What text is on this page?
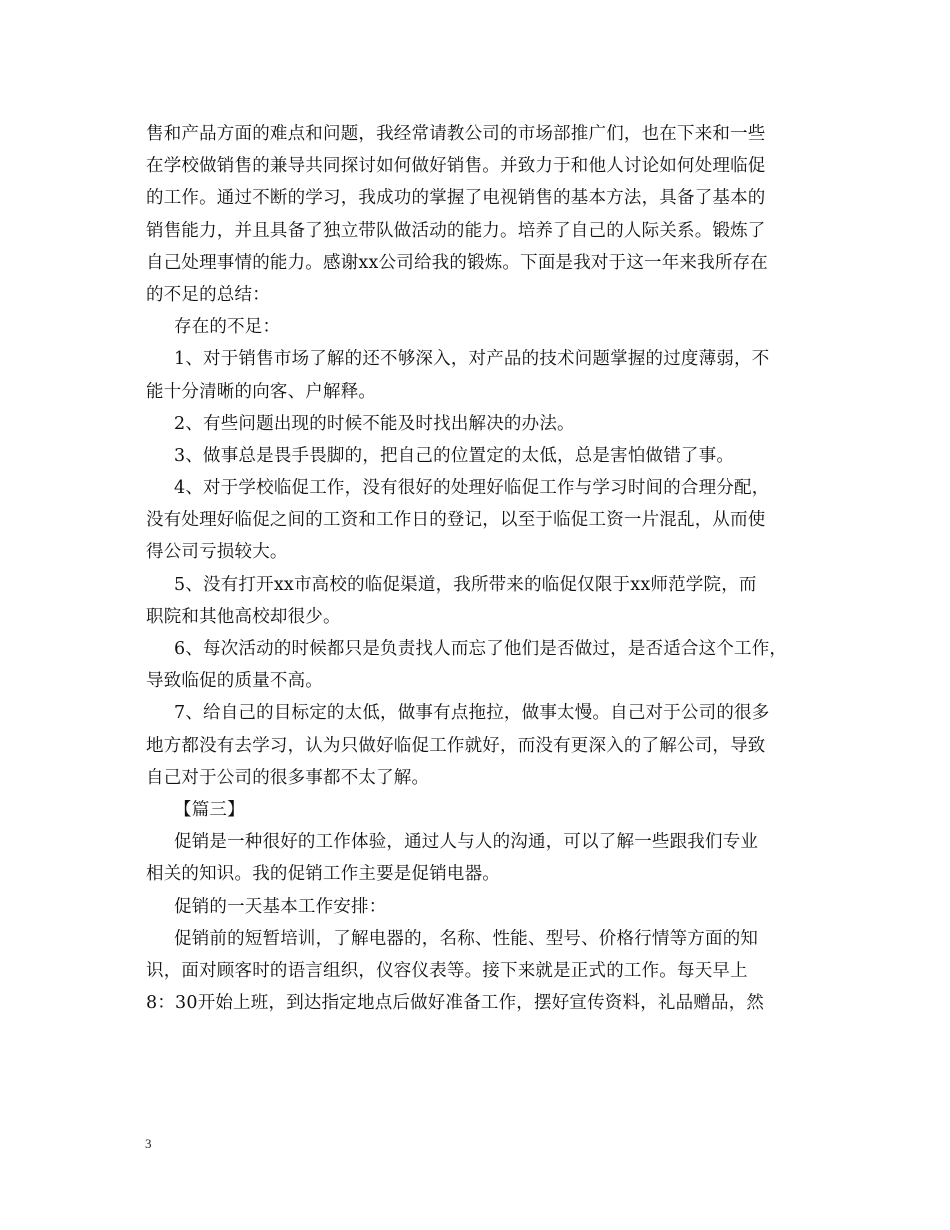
售和产品方面的难点和问题，我经常请教公司的市场部推广们，也在下来和一些
在学校做销售的兼导共同探讨如何做好销售。并致力于和他人讨论如何处理临促
的工作。通过不断的学习，我成功的掌握了电视销售的基本方法，具备了基本的
销售能力，并且具备了独立带队做活动的能力。培养了自己的人际关系。锻炼了
自己处理事情的能力。感谢xx公司给我的锻炼。下面是我对于这一年来我所存在
的不足的总结：
存在的不足：
1、对于销售市场了解的还不够深入，对产品的技术问题掌握的过度薄弱，不
能十分清晰的向客、户解释。
2、有些问题出现的时候不能及时找出解决的办法。
3、做事总是畏手畏脚的，把自己的位置定的太低，总是害怕做错了事。
4、对于学校临促工作，没有很好的处理好临促工作与学习时间的合理分配，
没有处理好临促之间的工资和工作日的登记，以至于临促工资一片混乱，从而使
得公司亏损较大。
5、没有打开xx市高校的临促渠道，我所带来的临促仅限于xx师范学院，而
职院和其他高校却很少。
6、每次活动的时候都只是负责找人而忘了他们是否做过，是否适合这个工作，
导致临促的质量不高。
7、给自己的目标定的太低，做事有点拖拉，做事太慢。自己对于公司的很多
地方都没有去学习，认为只做好临促工作就好，而没有更深入的了解公司，导致
自己对于公司的很多事都不太了解。
【篇三】
促销是一种很好的工作体验，通过人与人的沟通，可以了解一些跟我们专业
相关的知识。我的促销工作主要是促销电器。
促销的一天基本工作安排：
促销前的短暂培训，了解电器的，名称、性能、型号、价格行情等方面的知
识，面对顾客时的语言组织，仪容仪表等。接下来就是正式的工作。每天早上
8：30开始上班，到达指定地点后做好准备工作，摆好宣传资料，礼品赠品，然
3
